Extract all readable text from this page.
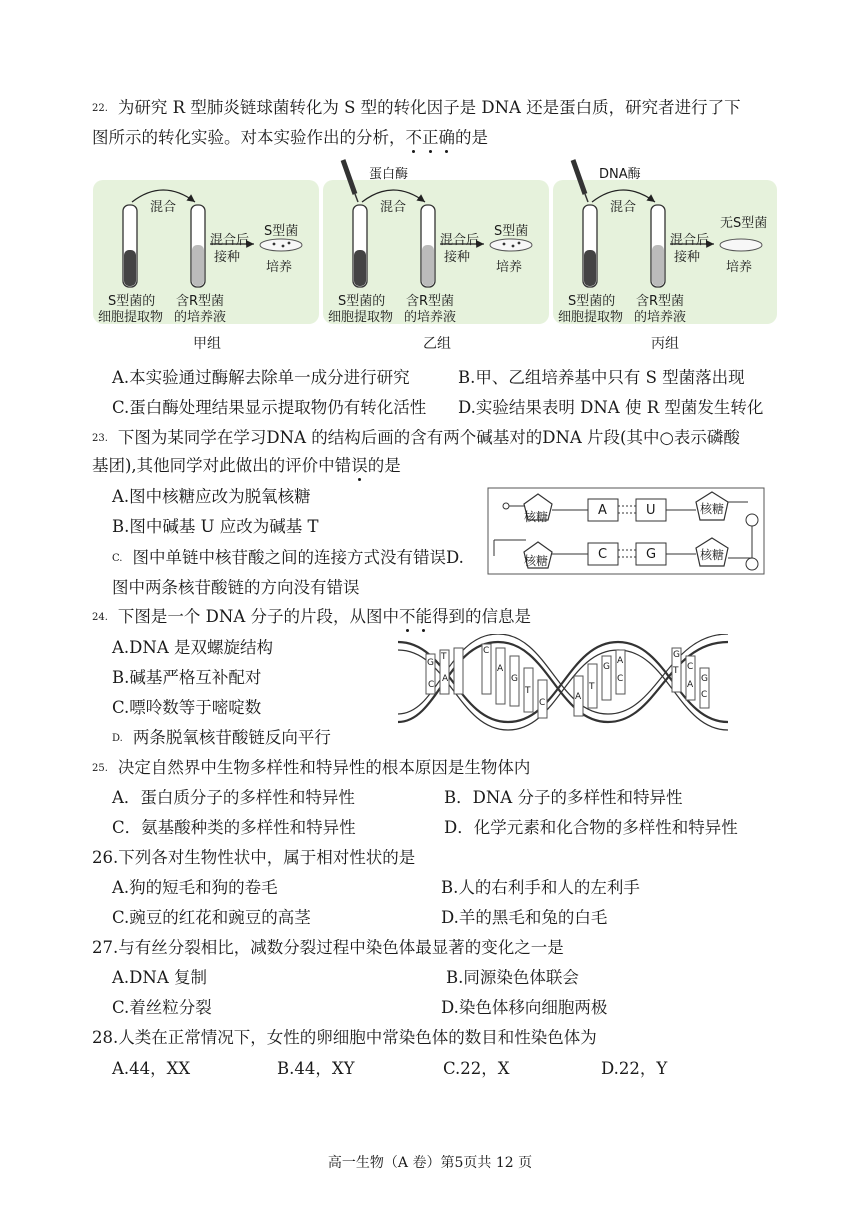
22. 为研究 R 型肺炎链球菌转化为 S 型的转化因子是 DNA 还是蛋白质，研究者进行了下
图所示的转化实验。对本实验作出的分析，不正确的是
混合
混合后
接种
S型菌
培养
S型菌的
细胞提取物
含R型菌
的培养液
蛋白酶
混合
混合后
接种
S型菌
培养
S型菌的
细胞提取物
含R型菌
的培养液
DNA酶
混合
混合后
接种
无S型菌
培养
S型菌的
细胞提取物
含R型菌
的培养液
甲组	乙组	丙组
A.本实验通过酶解去除单一成分进行研究	B.甲、乙组培养基中只有 S 型菌落出现
C.蛋白酶处理结果显示提取物仍有转化活性 D.实验结果表明 DNA 使 R 型菌发生转化
23. 下图为某同学在学习DNA 的结构后画的含有两个碱基对的DNA 片段(其中○表示磷酸
基团),其他同学对此做出的评价中错误的是
A.图中核糖应改为脱氧核糖
B.图中碱基 U 应改为碱基 T
C. 图中单链中核苷酸之间的连接方式没有错误D.
图中两条核苷酸链的方向没有错误
核糖	A	U	核糖
核糖	C	G	核糖
24. 下图是一个 DNA 分子的片段，从图中不能得到的信息是
A.DNA 是双螺旋结构
B.碱基严格互补配对
C.嘌呤数等于嘧啶数
D. 两条脱氧核苷酸链反向平行
G
T
C
A
C
A
G
T
C
A
T
G
A
C
G
T C
A
G
C
25. 决定自然界中生物多样性和特异性的根本原因是生物体内
A．蛋白质分子的多样性和特异性	B．DNA 分子的多样性和特异性
C．氨基酸种类的多样性和特异性	D．化学元素和化合物的多样性和特异性
26.下列各对生物性状中，属于相对性状的是
A.狗的短毛和狗的卷毛	B.人的右利手和人的左利手
C.豌豆的红花和豌豆的高茎	D.羊的黑毛和兔的白毛
27.与有丝分裂相比，减数分裂过程中染色体最显著的变化之一是
A.DNA 复制	B.同源染色体联会
C.着丝粒分裂	D.染色体移向细胞两极
28.人类在正常情况下，女性的卵细胞中常染色体的数目和性染色体为
A.44，XX	B.44，XY	C.22，X	D.22，Y
高一生物（A 卷）第5页共 12 页
